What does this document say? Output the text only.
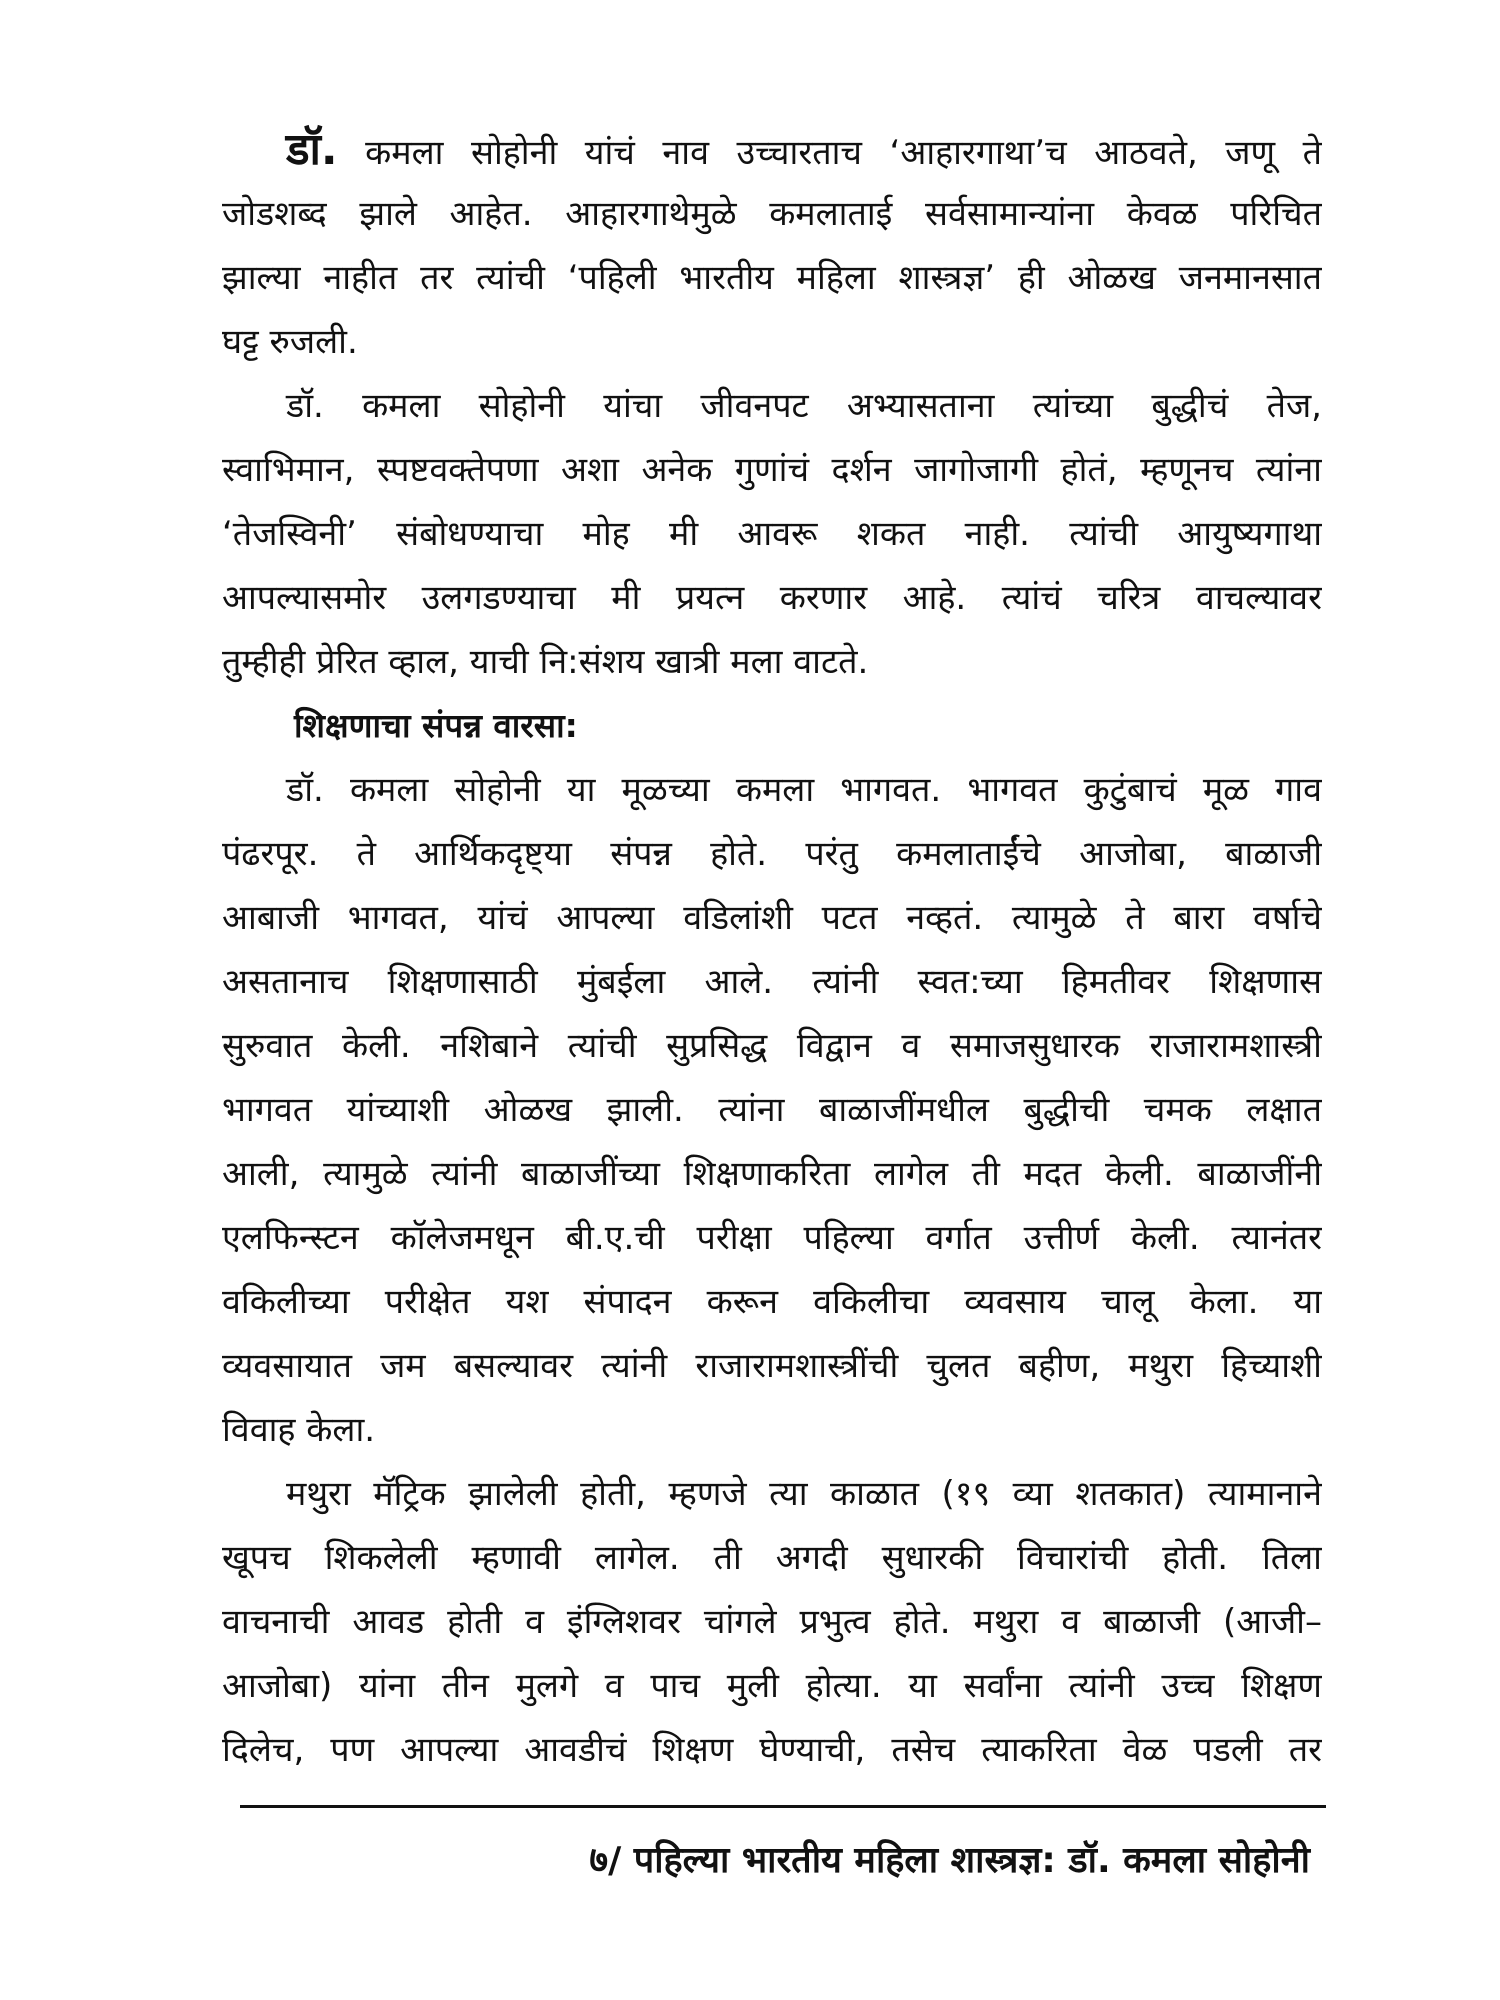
डॉ. कमला सोहोनी यांचं नाव उच्चारताच ‘आहारगाथा’च आठवते, जणू ते
जोडशब्द झाले आहेत. आहारगाथेमुळे कमलाताई सर्वसामान्यांना केवळ परिचित
झाल्या नाहीत तर त्यांची ‘पहिली भारतीय महिला शास्त्रज्ञ’ ही ओळख जनमानसात
घट्ट रुजली.
डॉ. कमला सोहोनी यांचा जीवनपट अभ्यासताना त्यांच्या बुद्धीचं तेज,
स्वाभिमान, स्पष्टवक्तेपणा अशा अनेक गुणांचं दर्शन जागोजागी होतं, म्हणूनच त्यांना
‘तेजस्विनी’ संबोधण्याचा मोह मी आवरू शकत नाही. त्यांची आयुष्यगाथा
आपल्यासमोर उलगडण्याचा मी प्रयत्न करणार आहे. त्यांचं चरित्र वाचल्यावर
तुम्हीही प्रेरित व्हाल, याची नि:संशय खात्री मला वाटते.
शिक्षणाचा संपन्न वारसा:
डॉ. कमला सोहोनी या मूळच्या कमला भागवत. भागवत कुटुंबाचं मूळ गाव
पंढरपूर. ते आर्थिकदृष्ट्या संपन्न होते. परंतु कमलाताईंचे आजोबा, बाळाजी
आबाजी भागवत, यांचं आपल्या वडिलांशी पटत नव्हतं. त्यामुळे ते बारा वर्षाचे
असतानाच शिक्षणासाठी मुंबईला आले. त्यांनी स्वत:च्या हिमतीवर शिक्षणास
सुरुवात केली. नशिबाने त्यांची सुप्रसिद्ध विद्वान व समाजसुधारक राजारामशास्त्री
भागवत यांच्याशी ओळख झाली. त्यांना बाळाजींमधील बुद्धीची चमक लक्षात
आली, त्यामुळे त्यांनी बाळाजींच्या शिक्षणाकरिता लागेल ती मदत केली. बाळाजींनी
एलफिन्स्टन कॉलेजमधून बी.ए.ची परीक्षा पहिल्या वर्गात उत्तीर्ण केली. त्यानंतर
वकिलीच्या परीक्षेत यश संपादन करून वकिलीचा व्यवसाय चालू केला. या
व्यवसायात जम बसल्यावर त्यांनी राजारामशास्त्रींची चुलत बहीण, मथुरा हिच्याशी
विवाह केला.
मथुरा मॅट्रिक झालेली होती, म्हणजे त्या काळात (१९ व्या शतकात) त्यामानाने
खूपच शिकलेली म्हणावी लागेल. ती अगदी सुधारकी विचारांची होती. तिला
वाचनाची आवड होती व इंग्लिशवर चांगले प्रभुत्व होते. मथुरा व बाळाजी (आजी–
आजोबा) यांना तीन मुलगे व पाच मुली होत्या. या सर्वांना त्यांनी उच्च शिक्षण
दिलेच, पण आपल्या आवडीचं शिक्षण घेण्याची, तसेच त्याकरिता वेळ पडली तर
७/ पहिल्या भारतीय महिला शास्त्रज्ञ: डॉ. कमला सोहोनी
